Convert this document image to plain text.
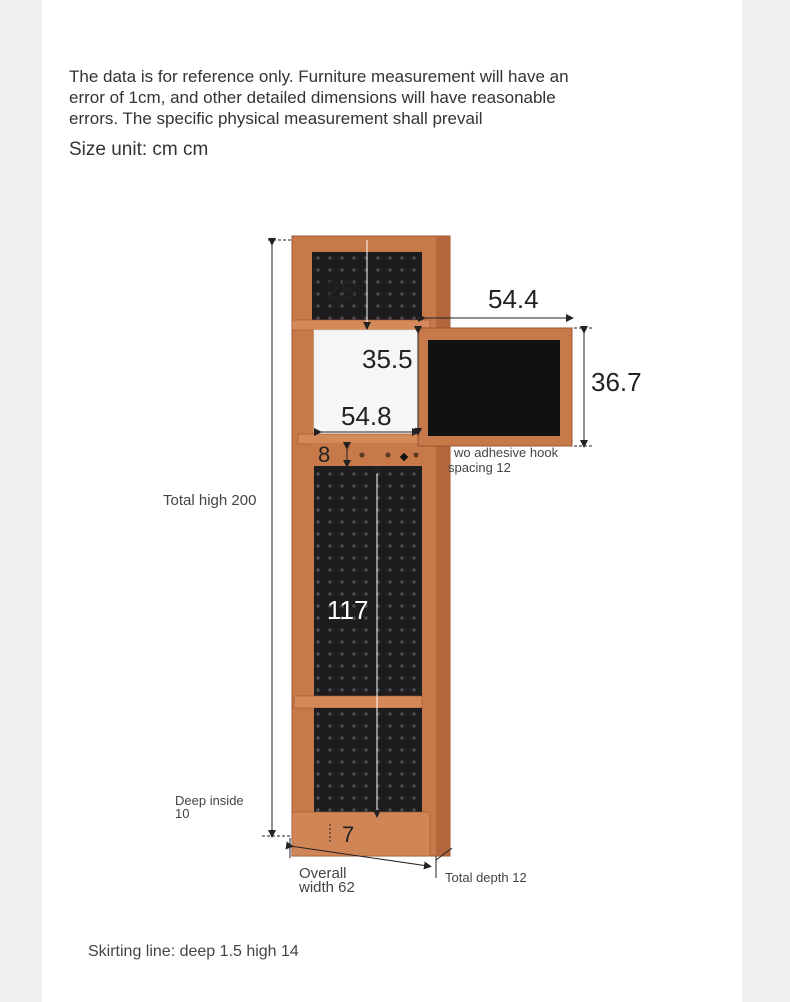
The data is for reference only. Furniture measurement will have an error of 1cm, and other detailed dimensions will have reasonable errors. The specific physical measurement shall prevail
Size unit: cm cm
25	54.4
35.5
36.7
54.8
8	wo adhesive hook
spacing 12
Total high 200
117
Deep inside
10
7
Overall
width 62
Total depth 12
Skirting line: deep 1.5 high 14
